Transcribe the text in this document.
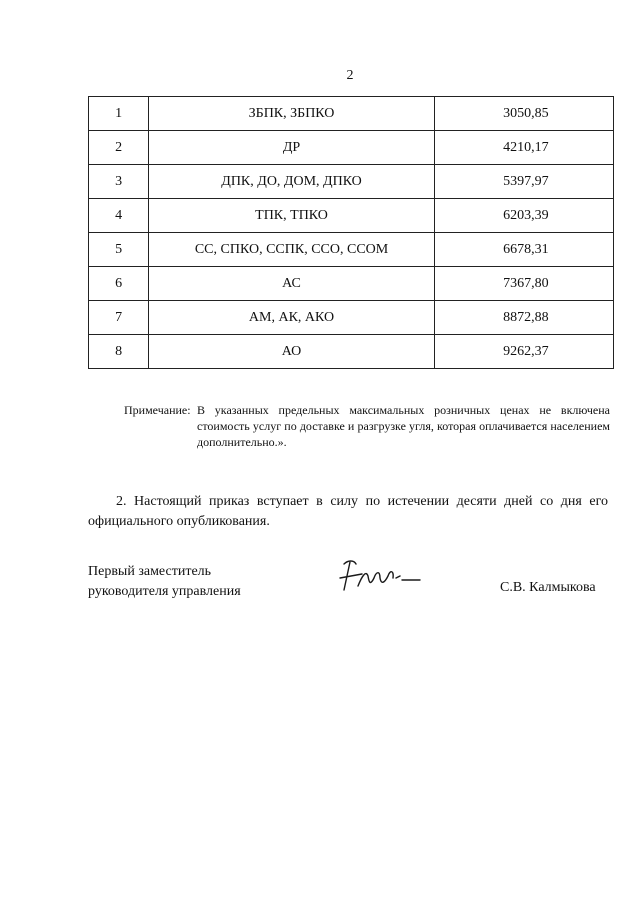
2
1	ЗБПК, ЗБПКО	3050,85
2	ДР	4210,17
3	ДПК, ДО, ДОМ, ДПКО	5397,97
4	ТПК, ТПКО	6203,39
5	СС, СПКО, ССПК, ССО, ССОМ	6678,31
6	АС	7367,80
7	АМ, АК, АКО	8872,88
8	АО	9262,37
Примечание: В указанных предельных максимальных розничных ценах не включена стоимость услуг по доставке и разгрузке угля, которая оплачивается населением дополнительно.».
2. Настоящий приказ вступает в силу по истечении десяти дней со дня его официального опубликования.
Первый заместитель
руководителя управления	С.В. Калмыкова
